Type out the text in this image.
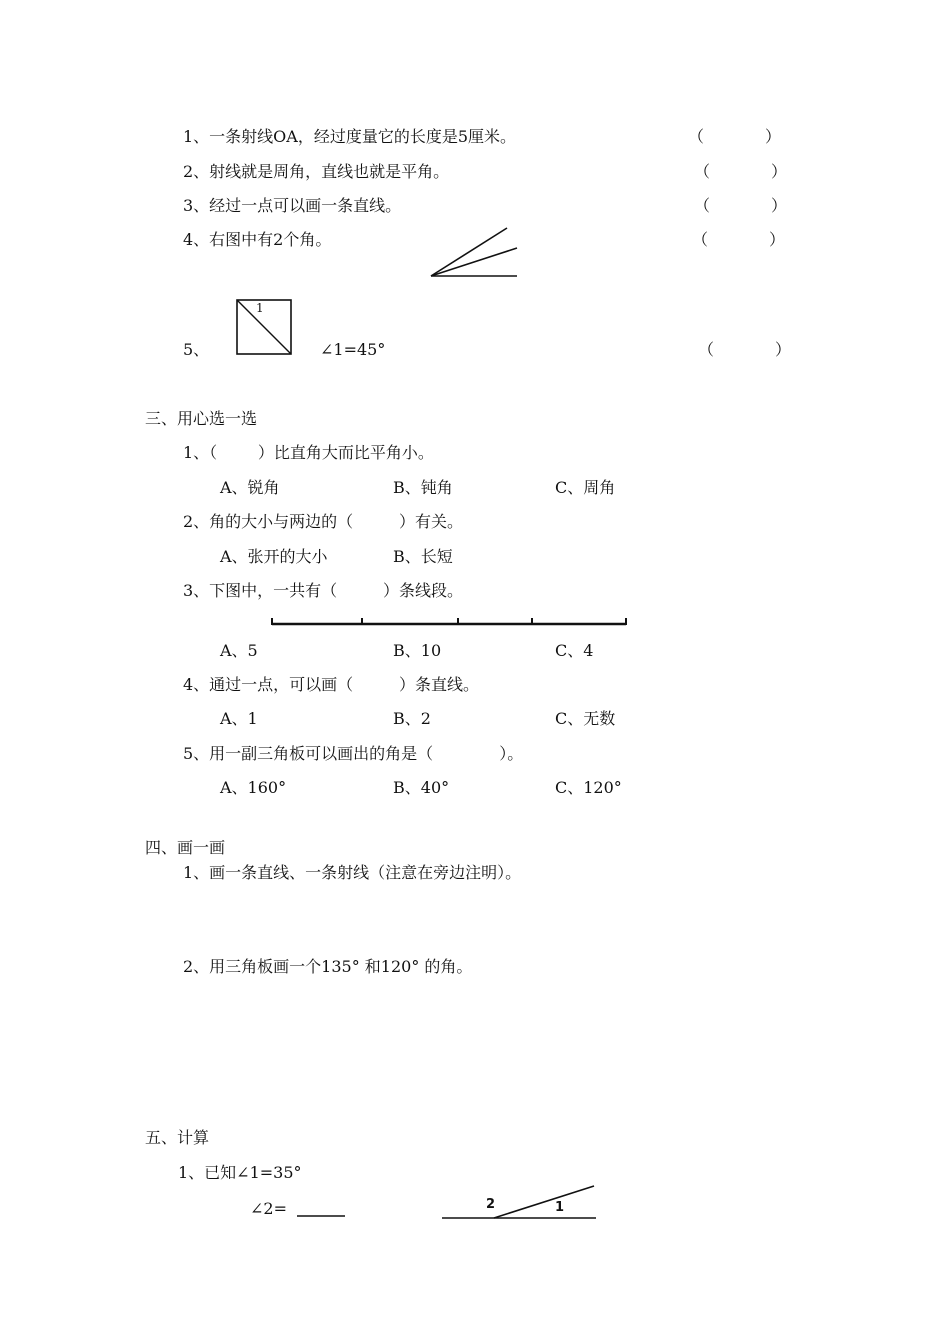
1、一条射线OA，经过度量它的长度是5厘米。	（	）
2、射线就是周角，直线也就是平角。	（	）
3、经过一点可以画一条直线。	（	）
4、右图中有2个角。	（	）
5、
1
∠1=45°	（	）
三、用心选一选
1、（        ）比直角大而比平角小。
A、锐角	B、钝角	C、周角
2、角的大小与两边的（         ）有关。
A、张开的大小	B、长短
3、下图中，一共有（         ）条线段。
A、5	B、10	C、4
4、通过一点，可以画（         ）条直线。
A、1	B、2	C、无数
5、用一副三角板可以画出的角是（             ）。
A、160°	B、40°	C、120°
四、画一画
1、画一条直线、一条射线（注意在旁边注明）。
2、用三角板画一个135° 和120° 的角。
五、计算
1、已知∠1=35°
∠2=	2	1
